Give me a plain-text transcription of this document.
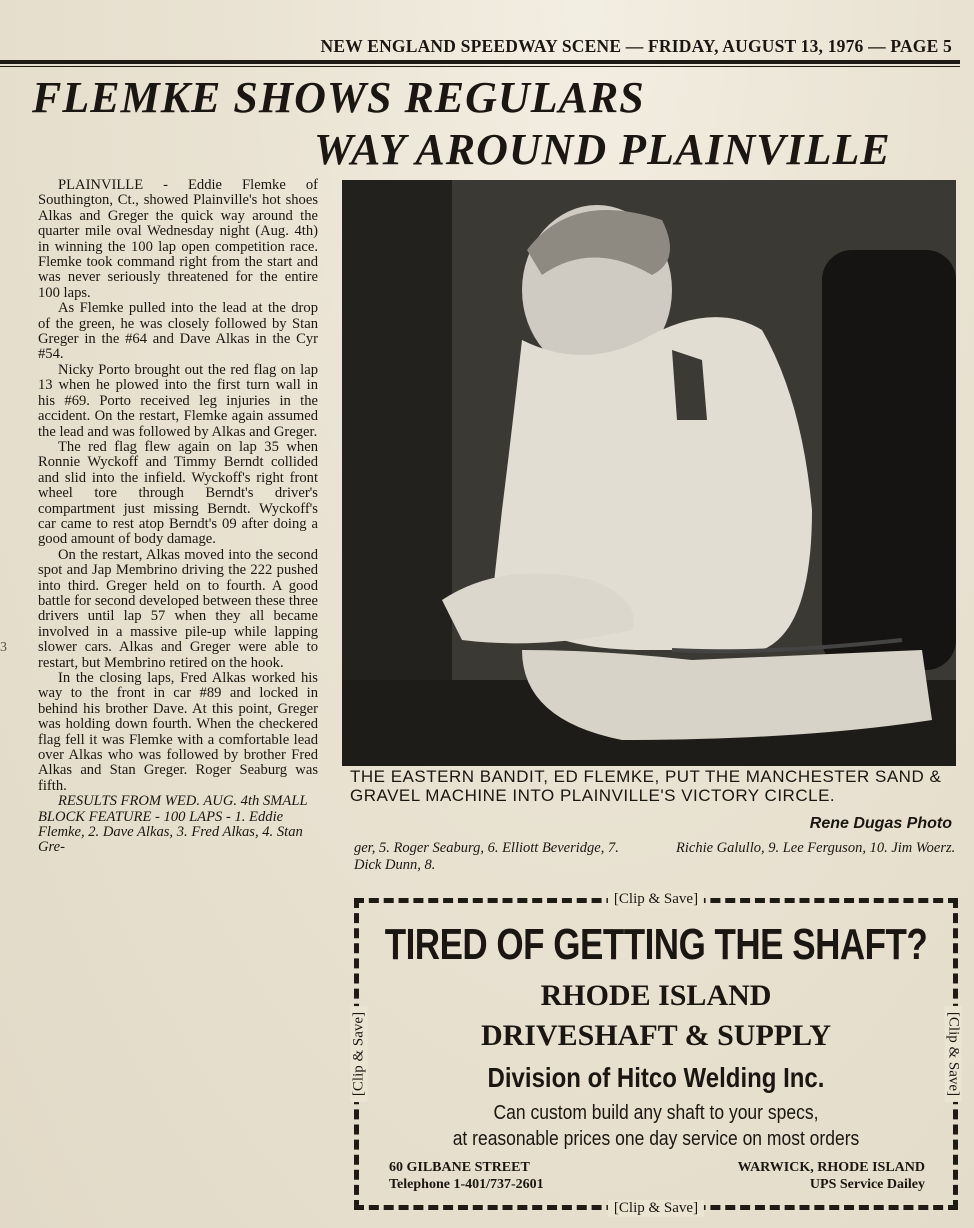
NEW ENGLAND SPEEDWAY SCENE — FRIDAY, AUGUST 13, 1976 — PAGE 5
FLEMKE SHOWS REGULARS
WAY AROUND PLAINVILLE
3

PLAINVILLE - Eddie Flemke of Southington, Ct., showed Plainville's hot shoes Alkas and Greger the quick way around the quarter mile oval Wednesday night (Aug. 4th) in winning the 100 lap open competition race. Flemke took command right from the start and was never seriously threatened for the entire 100 laps.

As Flemke pulled into the lead at the drop of the green, he was closely followed by Stan Greger in the #64 and Dave Alkas in the Cyr #54.

Nicky Porto brought out the red flag on lap 13 when he plowed into the first turn wall in his #69. Porto received leg injuries in the accident. On the restart, Flemke again assumed the lead and was followed by Alkas and Greger.

The red flag flew again on lap 35 when Ronnie Wyckoff and Timmy Berndt collided and slid into the infield. Wyckoff's right front wheel tore through Berndt's driver's compartment just missing Berndt. Wyckoff's car came to rest atop Berndt's 09 after doing a good amount of body damage.

On the restart, Alkas moved into the second spot and Jap Membrino driving the 222 pushed into third. Greger held on to fourth. A good battle for second developed between these three drivers until lap 57 when they all became involved in a massive pile-up while lapping slower cars. Alkas and Greger were able to restart, but Membrino retired on the hook.

In the closing laps, Fred Alkas worked his way to the front in car #89 and locked in behind his brother Dave. At this point, Greger was holding down fourth. When the checkered flag fell it was Flemke with a comfortable lead over Alkas who was followed by brother Fred Alkas and Stan Greger. Roger Seaburg was fifth.

RESULTS FROM WED. AUG. 4th SMALL BLOCK FEATURE - 100 LAPS - 1. Eddie Flemke, 2. Dave Alkas, 3. Fred Alkas, 4. Stan Gre-

THE EASTERN BANDIT, ED FLEMKE, PUT THE MANCHESTER SAND & GRAVEL MACHINE INTO PLAINVILLE'S VICTORY CIRCLE.
Rene Dugas Photo
ger, 5. Roger Seaburg, 6. Elliott Beveridge, 7. Dick Dunn, 8.
Richie Galullo, 9. Lee Ferguson, 10. Jim Woerz.
[Clip & Save]
[Clip & Save]
[Clip & Save]	[Clip & Save]
TIRED OF GETTING THE SHAFT?
RHODE ISLAND
DRIVESHAFT & SUPPLY
Division of Hitco Welding Inc.
Can custom build any shaft to your specs,
at reasonable prices one day service on most orders
60 GILBANE STREET
Telephone 1-401/737-2601
WARWICK, RHODE ISLAND
UPS Service Dailey
